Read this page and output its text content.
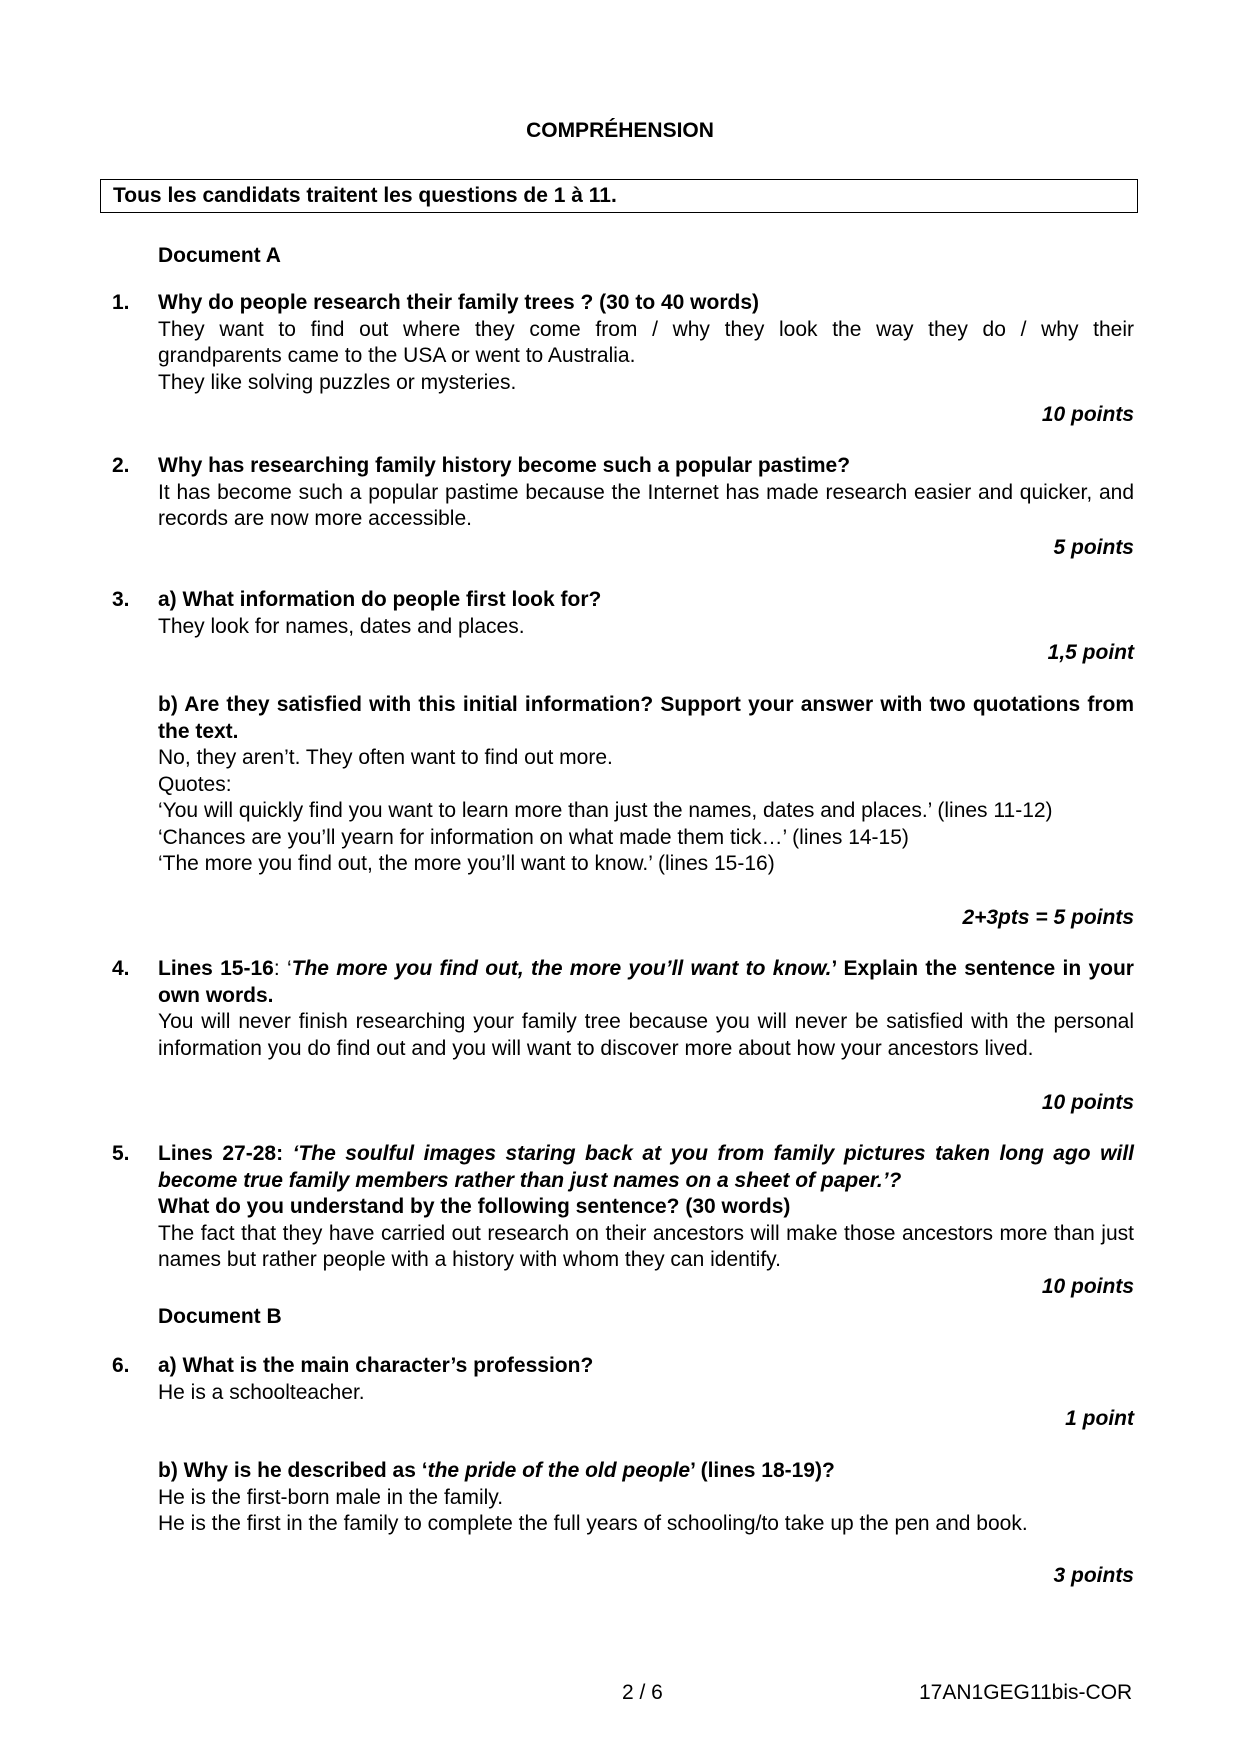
COMPRÉHENSION
Tous les candidats traitent les questions de 1 à 11.
Document A
1. Why do people research their family trees ? (30 to 40 words)

They want to find out where they come from / why they look the way they do / why their

grandparents came to the USA or went to Australia.

They like solving puzzles or mysteries.

10 points
2. Why has researching family history become such a popular pastime?

It has become such a popular pastime because the Internet has made research easier and quicker, and records are now more accessible.

5 points
3. a) What information do people first look for?

They look for names, dates and places.

1,5 point

b) Are they satisfied with this initial information? Support your answer with two quotations from the text.

No, they aren’t. They often want to find out more.

Quotes:

‘You will quickly find you want to learn more than just the names, dates and places.’ (lines 11-12)

‘Chances are you’ll yearn for information on what made them tick…’ (lines 14-15)

‘The more you find out, the more you’ll want to know.’ (lines 15-16)

2+3pts = 5 points
4. Lines 15-16: ‘The more you find out, the more you’ll want to know.’ Explain the sentence in your own words.

You will never finish researching your family tree because you will never be satisfied with the personal information you do find out and you will want to discover more about how your ancestors lived.

10 points
5. Lines 27-28: ‘The soulful images staring back at you from family pictures taken long ago will become true family members rather than just names on a sheet of paper.’?

What do you understand by the following sentence? (30 words)

The fact that they have carried out research on their ancestors will make those ancestors more than just names but rather people with a history with whom they can identify.

10 points
Document B
6. a) What is the main character’s profession?

He is a schoolteacher.

1 point

b) Why is he described as ‘the pride of the old people’ (lines 18-19)?

He is the first-born male in the family.

He is the first in the family to complete the full years of schooling/to take up the pen and book.

3 points
2 / 6	17AN1GEG11bis-COR
